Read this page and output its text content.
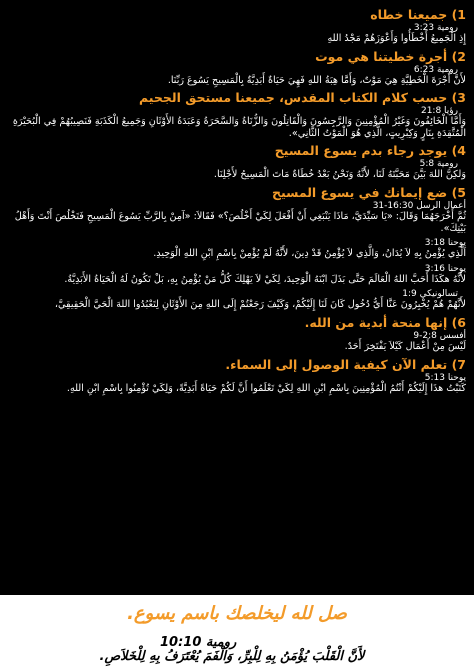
1) جميعنا خطاه
رومية 3:23
إِذِ الْجَمِيعُ أَخْطَأُوا وَأَعْوَزَهُمْ مَجْدُ اللهِ
2) أجرة خطيتنا هي موت
رومية 6:23
لأَنَّ أُجْرَةَ الْخَطِيَّةِ هِيَ مَوْتٌ، وَأَمَّا هِبَةُ اللهِ فَهِيَ حَيَاةٌ أَبَدِيَّةٌ بِالْمَسِيحِ يَسُوعَ رَبِّنَا.
3) حسب كلام الكتاب المقدس، جميعنا مستحق الجحيم
رؤيا 21:8
وَأَمَّا الْخَائِفُونَ وَغَيْرُ الْمُؤْمِنِينَ وَالرَّجِسُونَ وَالْقَاتِلُونَ وَالزُّنَاةُ وَالسَّحَرَةُ وَعَبَدَةُ الأَوْثَانِ وَجَمِيعُ الْكَذَبَةِ فَنَصِيبُهُمْ فِي الْبُحَيْرَةِ الْمُتَّقِدَةِ بِنَارٍ وَكِبْرِيتٍ، الَّذِي هُوَ الْمَوْتُ الثَّانِي».
4) يوجد رجاء بدم يسوع المسيح
رومية 5:8
وَلكِنَّ اللهَ بَيَّنَ مَحَبَّتَهُ لَنَا، لأَنَّهُ وَنَحْنُ بَعْدُ خُطَاةٌ مَاتَ الْمَسِيحُ لأَجْلِنَا.
5) ضع إيمانك في يسوع المسيح
أعمال الرسل 16:30-31
ثُمَّ أَخْرَجَهُمَا وَقَالَ: «يَا سَيِّدَيَّ، مَاذَا يَنْبَغِي أَنْ أَفْعَلَ لِكَيْ أَخْلُصَ؟» فَقَالاَ: «آمِنْ بِالرَّبِّ يَسُوعَ الْمَسِيحِ فَتَخْلُصَ أَنْتَ وَأَهْلُ بَيْتِكَ».
يوحنا 3:18
اَلَّذِي يُؤْمِنُ بِهِ لاَ يُدَانُ، وَالَّذِي لاَ يُؤْمِنُ قَدْ دِينَ، لأَنَّهُ لَمْ يُؤْمِنْ بِاسْمِ ابْنِ اللهِ الْوَحِيدِ.
يوحنا 3:16
لأَنَّهُ هكَذَا أَحَبَّ اللهُ الْعَالَمَ حَتَّى بَذَلَ ابْنَهُ الْوَحِيدَ، لِكَيْ لاَ يَهْلِكَ كُلُّ مَنْ يُؤْمِنُ بِهِ، بَلْ تَكُونُ لَهُ الْحَيَاةُ الأَبَدِيَّةُ.
تسالونيكي 1:9
لأَنَّهُمْ هُمْ يُخْبِرُونَ عَنَّا أَيُّ دُخُول كَانَ لَنَا إِلَيْكُمْ، وَكَيْفَ رَجَعْتُمْ إِلَى اللهِ مِنَ الأَوْثَانِ لِتَعْبُدُوا اللهَ الْحَيَّ الْحَقِيقِيَّ،
6) إنها منحة أبدية من الله.
أفسس 2:8-9
لَيْسَ مِنْ أَعْمَال كَيْلاَ يَفْتَخِرَ أَحَدٌ.
7) تعلم الآن كيفية الوصول إلى السماء.
يوحنا 5:13
كَتَبْتُ هذَا إِلَيْكُمْ أَنْتُمُ الْمُؤْمِنِينَ بِاسْمِ ابْنِ اللهِ لِكَيْ تَعْلَمُوا أَنَّ لَكُمْ حَيَاةً أَبَدِيَّةً، وَلِكَيْ تُؤْمِنُوا بِاسْمِ ابْنِ اللهِ.
صل لله ليخلصك باسم يسوع.
رومية 10:10
لأَنَّ الْقَلْبَ يُؤْمَنُ بِهِ لِلْبِرِّ، وَالْفَمَ يُعْتَرَفُ بِهِ لِلْخَلاَصِ.
